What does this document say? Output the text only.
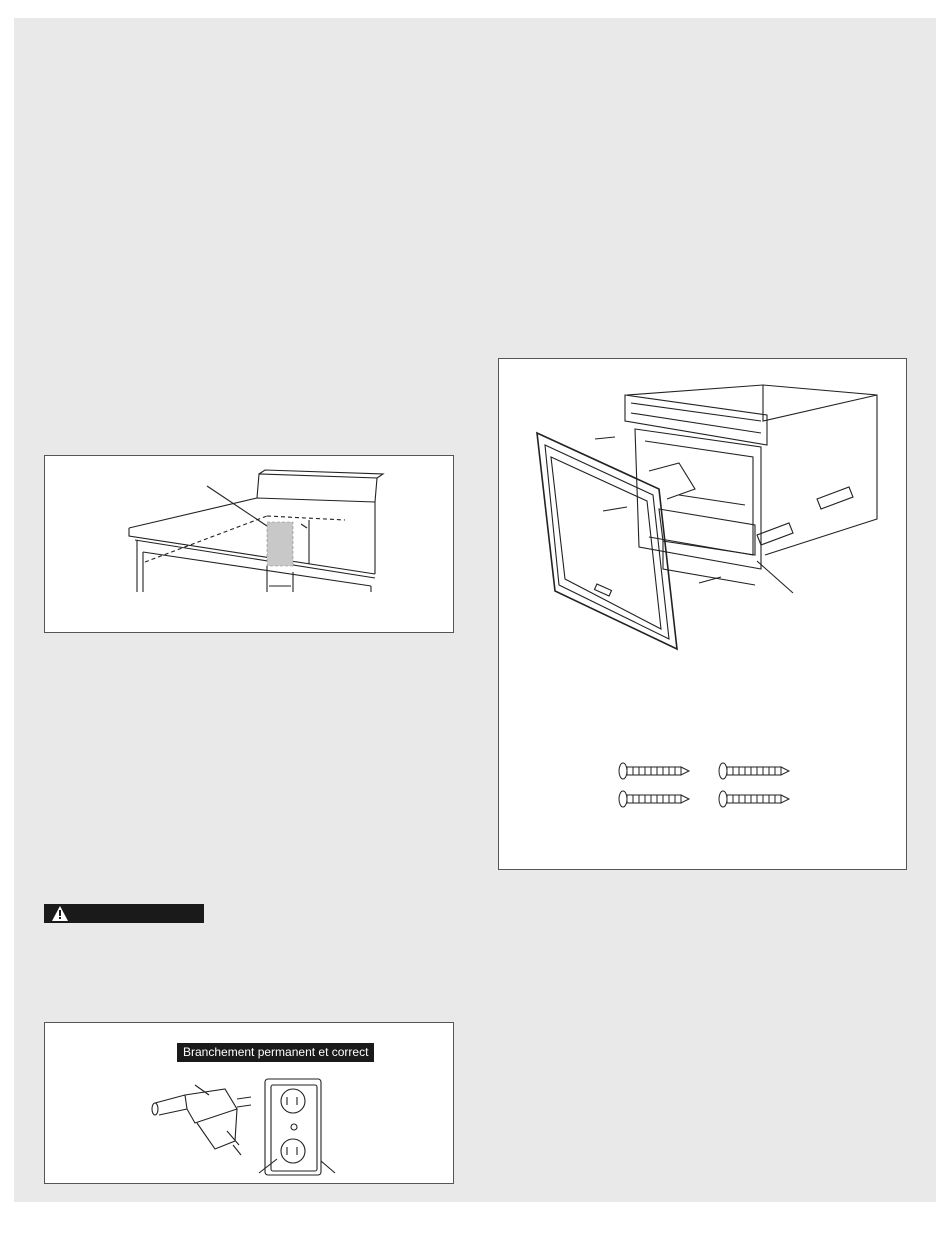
Branchement permanent et correct
